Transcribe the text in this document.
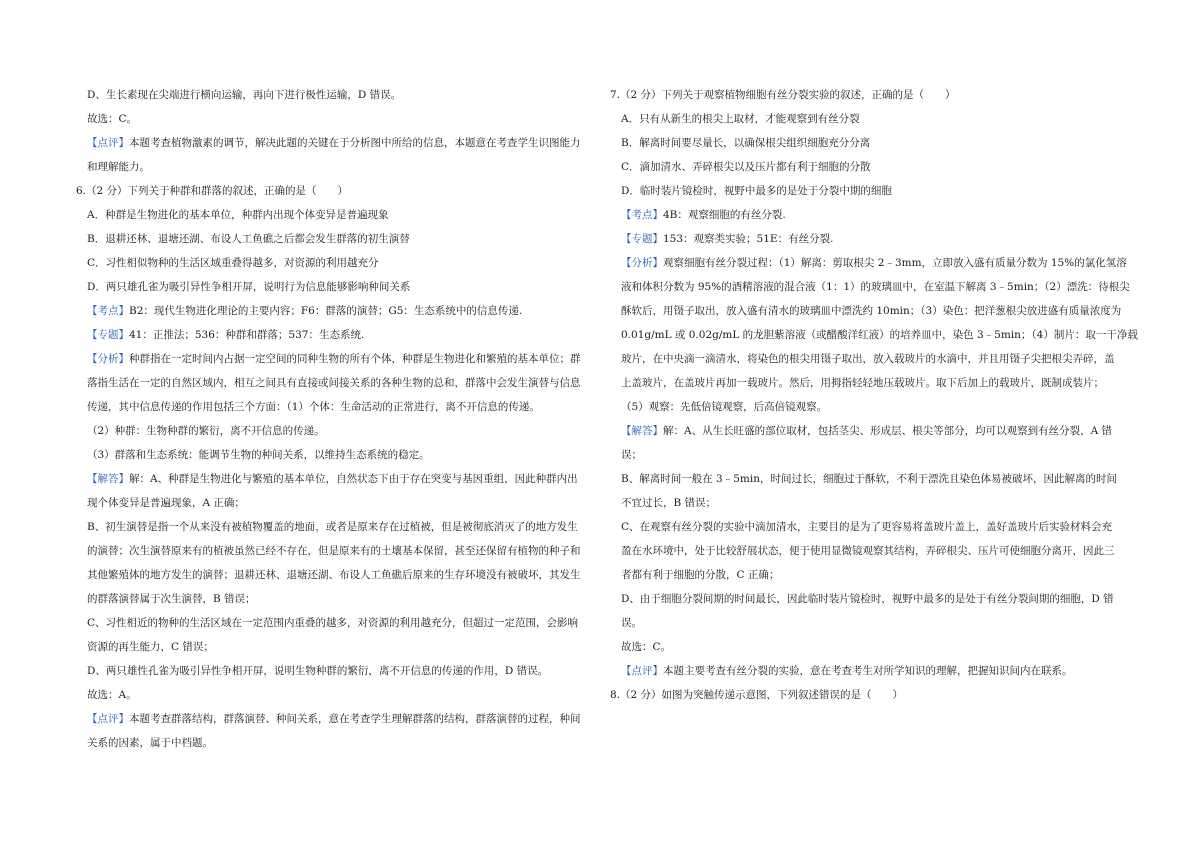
D、生长素现在尖端进行横向运输，再向下进行极性运输，D 错误。
故选：C。
【点评】本题考查植物激素的调节，解决此题的关键在于分析图中所给的信息，本题意在考查学生识图能力
和理解能力。
6.（2 分）下列关于种群和群落的叙述，正确的是（　　）
A．种群是生物进化的基本单位，种群内出现个体变异是普遍现象
B．退耕还林、退塘还湖、布设人工鱼礁之后都会发生群落的初生演替
C．习性相似物种的生活区域重叠得越多，对资源的利用越充分
D．两只雄孔雀为吸引异性争相开屏，说明行为信息能够影响种间关系
【考点】B2：现代生物进化理论的主要内容；F6：群落的演替；G5：生态系统中的信息传递.
【专题】41：正推法；536：种群和群落；537：生态系统.
【分析】种群指在一定时间内占据一定空间的同种生物的所有个体，种群是生物进化和繁殖的基本单位；群
落指生活在一定的自然区域内，相互之间具有直接或间接关系的各种生物的总和，群落中会发生演替与信息
传递，其中信息传递的作用包括三个方面：（1）个体：生命活动的正常进行，离不开信息的传递。
（2）种群：生物种群的繁衍，离不开信息的传递。
（3）群落和生态系统：能调节生物的种间关系，以维持生态系统的稳定。
【解答】解：A、种群是生物进化与繁殖的基本单位，自然状态下由于存在突变与基因重组，因此种群内出
现个体变异是普遍现象，A 正确；
B、初生演替是指一个从来没有被植物覆盖的地面，或者是原来存在过植被，但是被彻底消灭了的地方发生
的演替；次生演替原来有的植被虽然已经不存在，但是原来有的土壤基本保留，甚至还保留有植物的种子和
其他繁殖体的地方发生的演替；退耕还林、退塘还湖、布设人工鱼礁后原来的生存环境没有被破坏，其发生
的群落演替属于次生演替，B 错误；
C、习性相近的物种的生活区域在一定范围内重叠的越多，对资源的利用越充分，但超过一定范围，会影响
资源的再生能力，C 错误；
D、两只雄性孔雀为吸引异性争相开屏，说明生物种群的繁衍，离不开信息的传递的作用，D 错误。
故选：A。
【点评】本题考查群落结构，群落演替、种间关系，意在考查学生理解群落的结构，群落演替的过程，种间
关系的因素，属于中档题。
7.（2 分）下列关于观察植物细胞有丝分裂实验的叙述，正确的是（　　）
A．只有从新生的根尖上取材，才能观察到有丝分裂
B．解离时间要尽量长，以确保根尖组织细胞充分分离
C．滴加清水、弄碎根尖以及压片都有利于细胞的分散
D．临时装片镜检时，视野中最多的是处于分裂中期的细胞
【考点】4B：观察细胞的有丝分裂.
【专题】153：观察类实验；51E：有丝分裂.
【分析】观察细胞有丝分裂过程：（1）解离：剪取根尖 2﹣3mm，立即放入盛有质量分数为 15%的氯化氢溶
液和体积分数为 95%的酒精溶液的混合液（1：1）的玻璃皿中，在室温下解离 3﹣5min；（2）漂洗：待根尖
酥软后，用镊子取出，放入盛有清水的玻璃皿中漂洗约 10min；（3）染色：把洋葱根尖放进盛有质量浓度为
0.01g/mL 或 0.02g/mL 的龙胆紫溶液（或醋酸洋红液）的培养皿中，染色 3﹣5min；（4）制片：取一干净载
玻片，在中央滴一滴清水，将染色的根尖用镊子取出，放入载玻片的水滴中，并且用镊子尖把根尖弄碎，盖
上盖玻片，在盖玻片再加一载玻片。然后，用拇指轻轻地压载玻片。取下后加上的载玻片，既制成装片；
（5）观察：先低倍镜观察，后高倍镜观察。
【解答】解：A、从生长旺盛的部位取材，包括茎尖、形成层、根尖等部分，均可以观察到有丝分裂，A 错
误；
B、解离时间一般在 3﹣5min，时间过长，细胞过于酥软，不利于漂洗且染色体易被破坏，因此解离的时间
不宜过长，B 错误；
C、在观察有丝分裂的实验中滴加清水，主要目的是为了更容易将盖玻片盖上，盖好盖玻片后实验材料会充
盈在水环境中，处于比较舒展状态，便于使用显微镜观察其结构，弄碎根尖、压片可使细胞分离开，因此三
者都有利于细胞的分散，C 正确；
D、由于细胞分裂间期的时间最长，因此临时装片镜检时，视野中最多的是处于有丝分裂间期的细胞，D 错
误。
故选：C。
【点评】本题主要考查有丝分裂的实验，意在考查考生对所学知识的理解，把握知识间内在联系。
8.（2 分）如图为突触传递示意图，下列叙述错误的是（　　）
